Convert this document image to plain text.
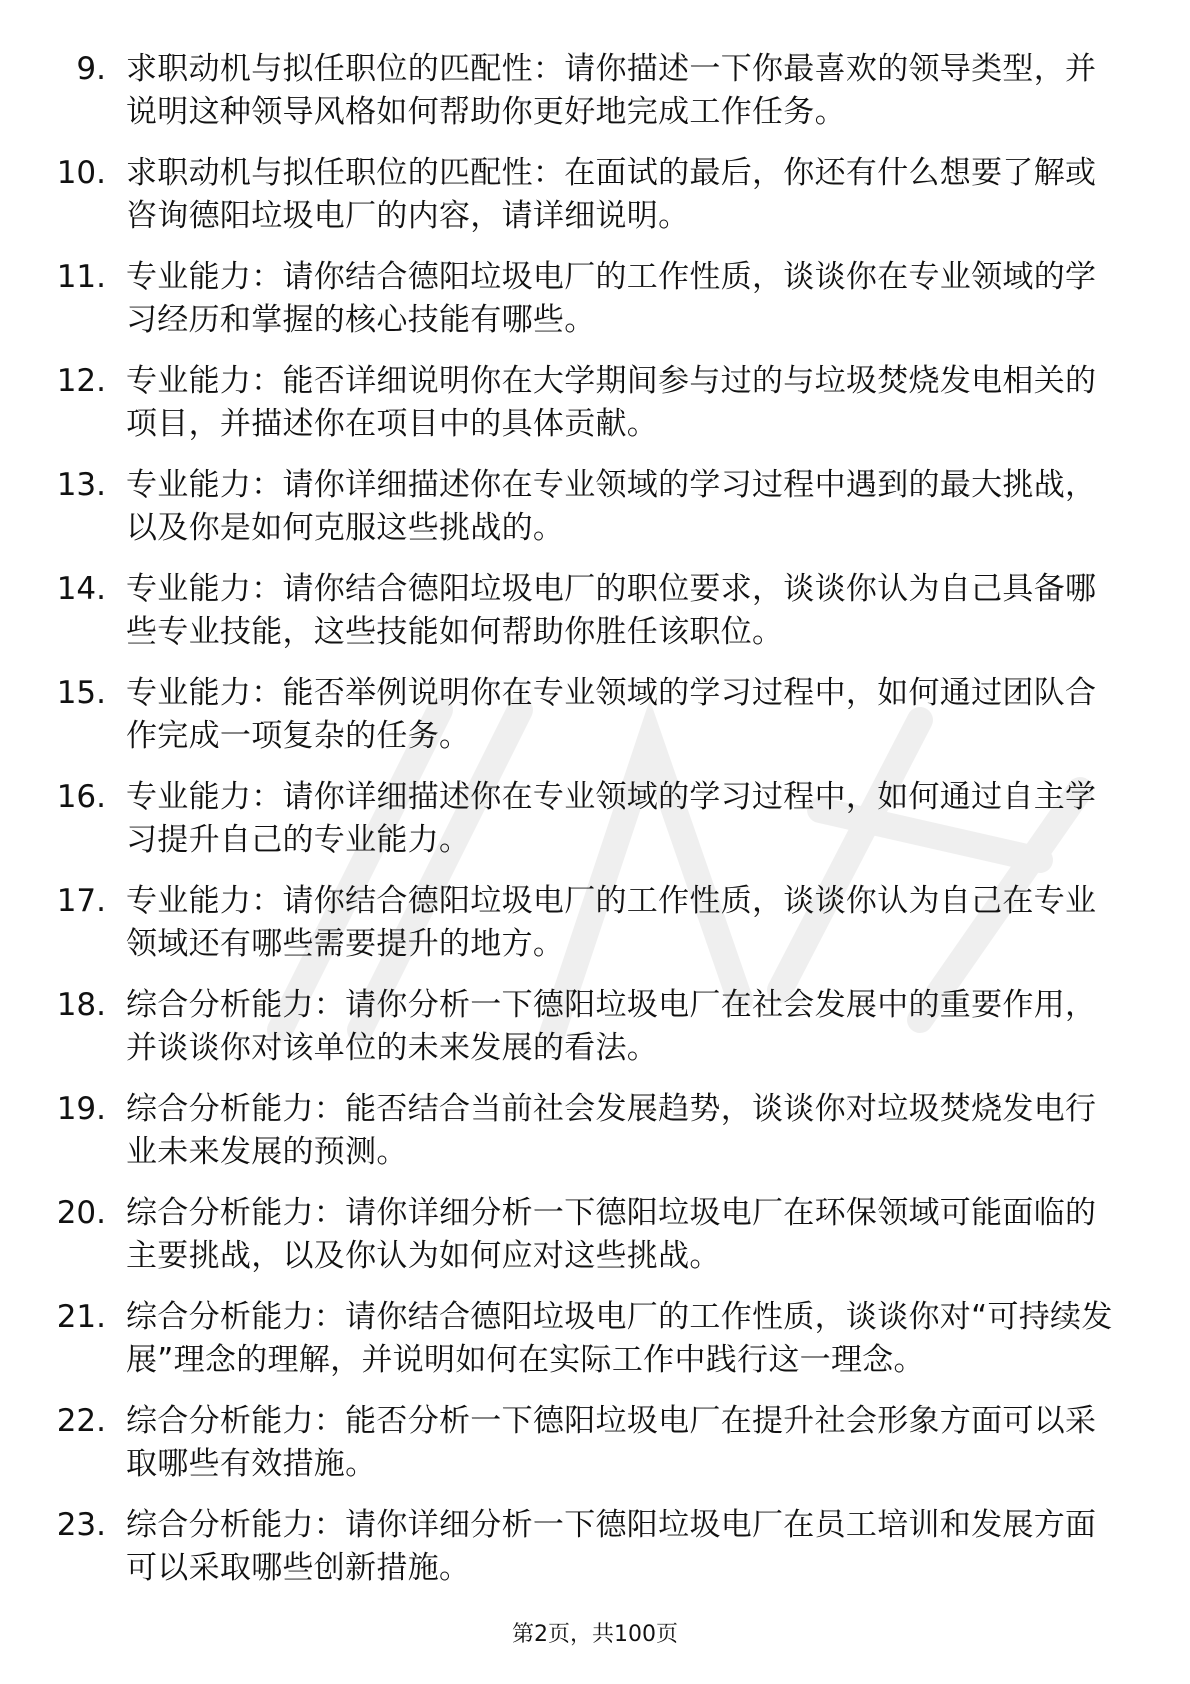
9. 求职动机与拟任职位的匹配性：请你描述一下你最喜欢的领导类型，并说明这种领导风格如何帮助你更好地完成工作任务。
10. 求职动机与拟任职位的匹配性：在面试的最后，你还有什么想要了解或咨询德阳垃圾电厂的内容，请详细说明。
11. 专业能力：请你结合德阳垃圾电厂的工作性质，谈谈你在专业领域的学习经历和掌握的核心技能有哪些。
12. 专业能力：能否详细说明你在大学期间参与过的与垃圾焚烧发电相关的项目，并描述你在项目中的具体贡献。
13. 专业能力：请你详细描述你在专业领域的学习过程中遇到的最大挑战，以及你是如何克服这些挑战的。
14. 专业能力：请你结合德阳垃圾电厂的职位要求，谈谈你认为自己具备哪些专业技能，这些技能如何帮助你胜任该职位。
15. 专业能力：能否举例说明你在专业领域的学习过程中，如何通过团队合作完成一项复杂的任务。
16. 专业能力：请你详细描述你在专业领域的学习过程中，如何通过自主学习提升自己的专业能力。
17. 专业能力：请你结合德阳垃圾电厂的工作性质，谈谈你认为自己在专业领域还有哪些需要提升的地方。
18. 综合分析能力：请你分析一下德阳垃圾电厂在社会发展中的重要作用，并谈谈你对该单位的未来发展的看法。
19. 综合分析能力：能否结合当前社会发展趋势，谈谈你对垃圾焚烧发电行业未来发展的预测。
20. 综合分析能力：请你详细分析一下德阳垃圾电厂在环保领域可能面临的主要挑战，以及你认为如何应对这些挑战。
21. 综合分析能力：请你结合德阳垃圾电厂的工作性质，谈谈你对“可持续发展”理念的理解，并说明如何在实际工作中践行这一理念。
22. 综合分析能力：能否分析一下德阳垃圾电厂在提升社会形象方面可以采取哪些有效措施。
23. 综合分析能力：请你详细分析一下德阳垃圾电厂在员工培训和发展方面可以采取哪些创新措施。
第2页，共100页
